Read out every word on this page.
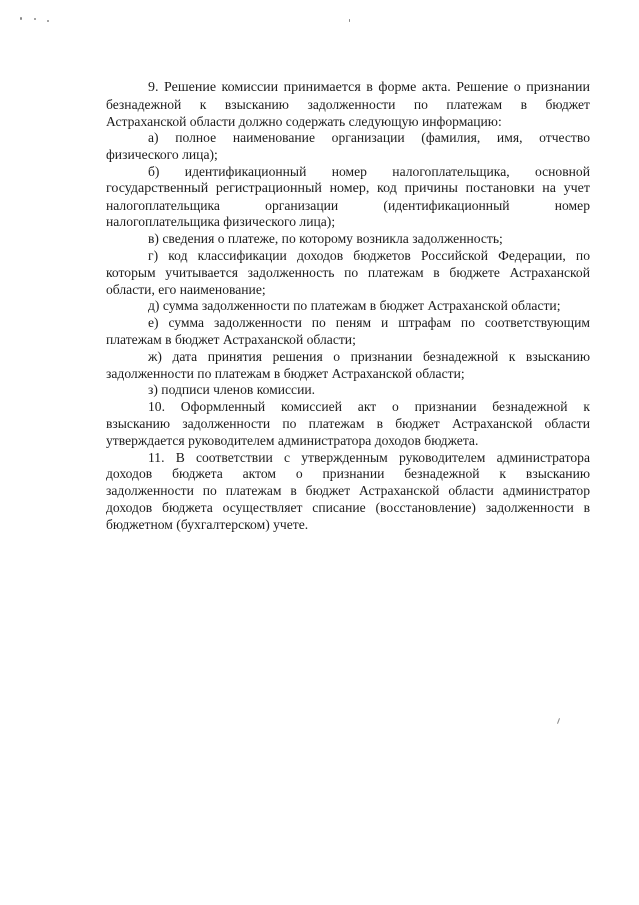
9. Решение комиссии принимается в форме акта. Решение о признании
безнадежной к взысканию задолженности по платежам в бюджет
Астраханской области должно содержать следующую информацию:
а) полное наименование организации (фамилия, имя, отчество
физического лица);
б) идентификационный номер налогоплательщика, основной
государственный регистрационный номер, код причины постановки на учет
налогоплательщика организации (идентификационный номер
налогоплательщика физического лица);
в) сведения о платеже, по которому возникла задолженность;
г) код классификации доходов бюджетов Российской Федерации, по
которым учитывается задолженность по платежам в бюджете Астраханской
области, его наименование;
д) сумма задолженности по платежам в бюджет Астраханской области;
е) сумма задолженности по пеням и штрафам по соответствующим
платежам в бюджет Астраханской области;
ж) дата принятия решения о признании безнадежной к взысканию
задолженности по платежам в бюджет Астраханской области;
з) подписи членов комиссии.
10. Оформленный комиссией акт о признании безнадежной к
взысканию задолженности по платежам в бюджет Астраханской области
утверждается руководителем администратора доходов бюджета.
11. В соответствии с утвержденным руководителем администратора
доходов бюджета актом о признании безнадежной к взысканию
задолженности по платежам в бюджет Астраханской области администратор
доходов бюджета осуществляет списание (восстановление) задолженности в
бюджетном (бухгалтерском) учете.
